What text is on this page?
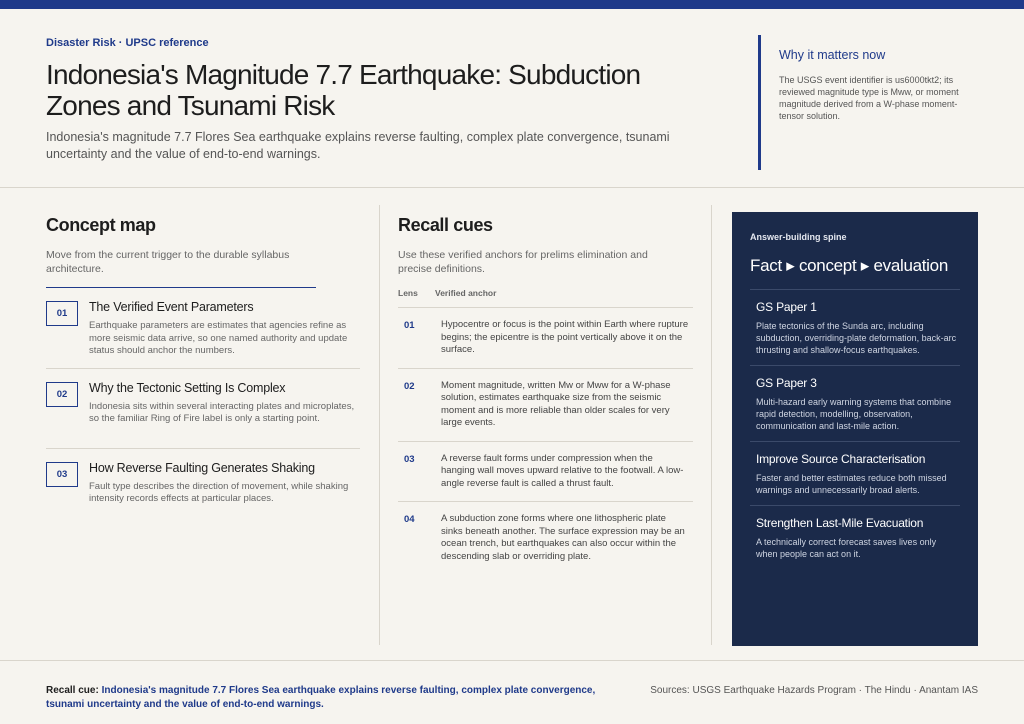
Disaster Risk · UPSC reference
Indonesia's Magnitude 7.7 Earthquake: Subduction Zones and Tsunami Risk

Indonesia's magnitude 7.7 Flores Sea earthquake explains reverse faulting, complex plate convergence, tsunami uncertainty and the value of end-to-end warnings.

Why it matters now
The USGS event identifier is us6000tkt2; its reviewed magnitude type is Mww, or moment magnitude derived from a W-phase moment-tensor solution.
Concept map

Move from the current trigger to the durable syllabus architecture.

01	The Verified Event Parameters
Earthquake parameters are estimates that agencies refine as more seismic data arrive, so one named authority and update status should anchor the numbers.
02	Why the Tectonic Setting Is Complex
Indonesia sits within several interacting plates and microplates, so the familiar Ring of Fire label is only a starting point.
03	How Reverse Faulting Generates Shaking
Fault type describes the direction of movement, while shaking intensity records effects at particular places.
Recall cues

Use these verified anchors for prelims elimination and precise definitions.

Lens	Verified anchor
01	Hypocentre or focus is the point within Earth where rupture begins; the epicentre is the point vertically above it on the surface.
02	Moment magnitude, written Mw or Mww for a W-phase solution, estimates earthquake size from the seismic moment and is more reliable than older scales for very large events.
03	A reverse fault forms under compression when the hanging wall moves upward relative to the footwall. A low-angle reverse fault is called a thrust fault.
04	A subduction zone forms where one lithospheric plate sinks beneath another. The surface expression may be an ocean trench, but earthquakes can also occur within the descending slab or overriding plate.
Answer-building spine
Fact ▸ concept ▸ evaluation
GS Paper 1
Plate tectonics of the Sunda arc, including subduction, overriding-plate deformation, back-arc thrusting and shallow-focus earthquakes.
GS Paper 3
Multi-hazard early warning systems that combine rapid detection, modelling, observation, communication and last-mile action.
Improve Source Characterisation
Faster and better estimates reduce both missed warnings and unnecessarily broad alerts.
Strengthen Last-Mile Evacuation
A technically correct forecast saves lives only when people can act on it.

Recall cue: Indonesia's magnitude 7.7 Flores Sea earthquake explains reverse faulting, complex plate convergence, tsunami uncertainty and the value of end-to-end warnings.

Sources: USGS Earthquake Hazards Program · The Hindu · Anantam IAS
